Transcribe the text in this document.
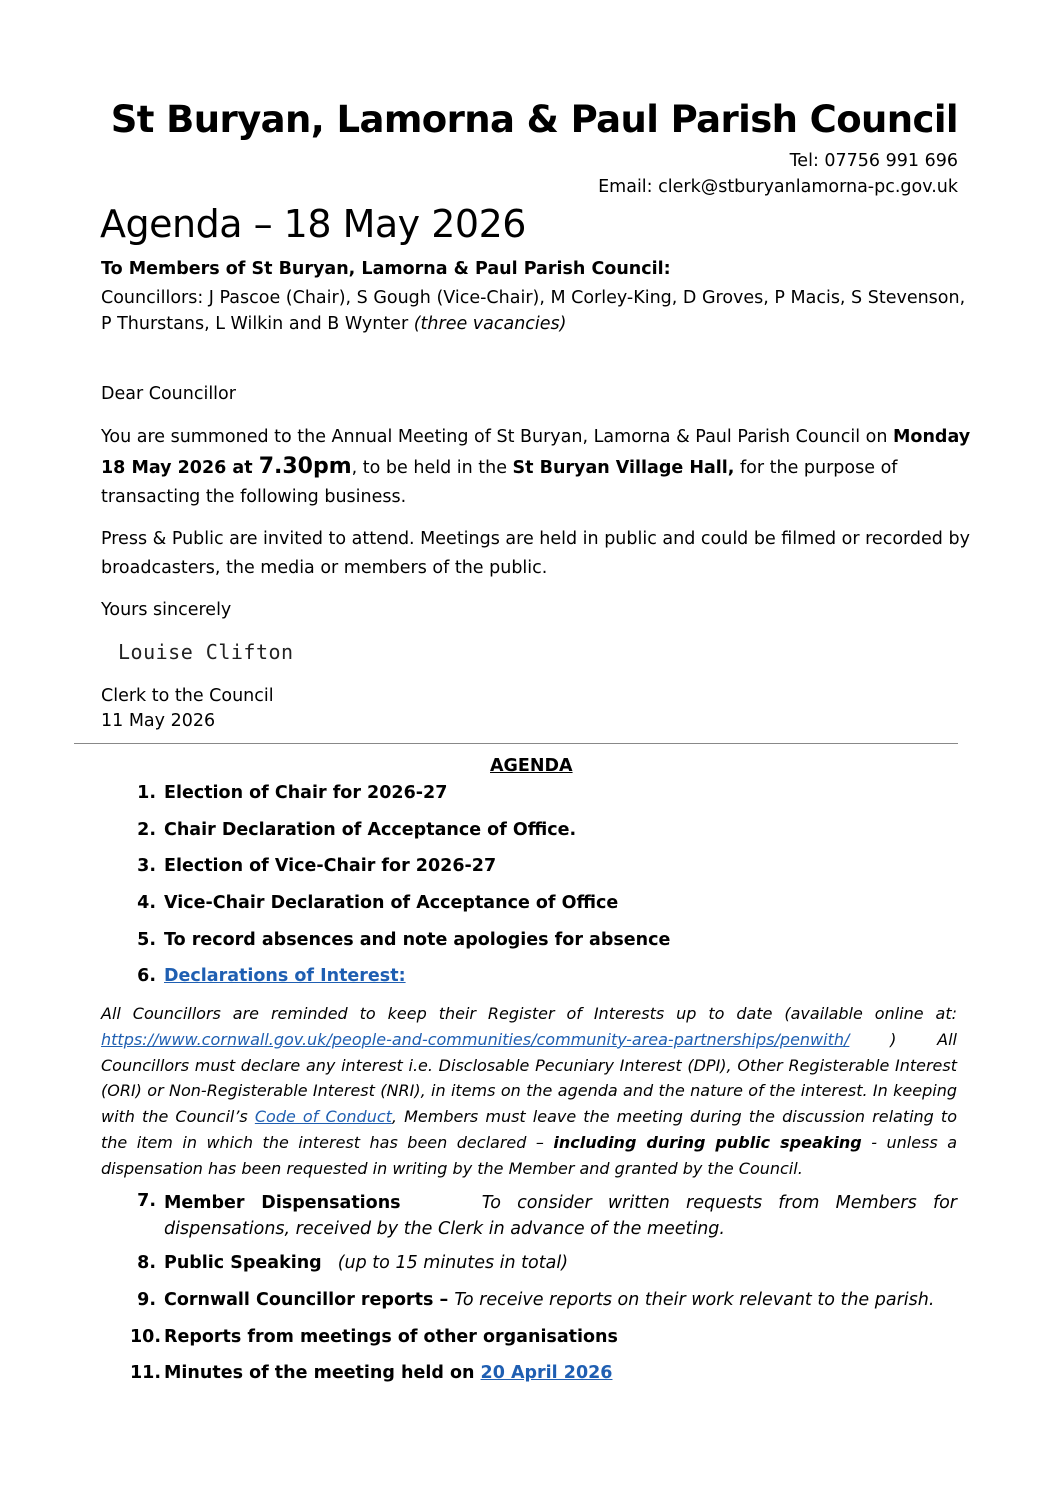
St Buryan, Lamorna & Paul Parish Council
Tel: 07756 991 696
Email: clerk@stburyanlamorna-pc.gov.uk
Agenda – 18 May 2026
To Members of St Buryan, Lamorna & Paul Parish Council:
Councillors: J Pascoe (Chair), S Gough (Vice-Chair), M Corley-King, D Groves, P Macis, S Stevenson, P Thurstans, L Wilkin and B Wynter (three vacancies)
Dear Councillor
You are summoned to the Annual Meeting of St Buryan, Lamorna & Paul Parish Council on Monday 18 May 2026 at 7.30pm, to be held in the St Buryan Village Hall, for the purpose of transacting the following business.
Press & Public are invited to attend. Meetings are held in public and could be filmed or recorded by broadcasters, the media or members of the public.
Yours sincerely
Louise Clifton
Clerk to the Council
11 May 2026
AGENDA
1. Election of Chair for 2026-27
2. Chair Declaration of Acceptance of Office.
3. Election of Vice-Chair for 2026-27
4. Vice-Chair Declaration of Acceptance of Office
5. To record absences and note apologies for absence
6. Declarations of Interest:
All Councillors are reminded to keep their Register of Interests up to date (available online at: https://www.cornwall.gov.uk/people-and-communities/community-area-partnerships/penwith/ ) All Councillors must declare any interest i.e. Disclosable Pecuniary Interest (DPI), Other Registerable Interest (ORI) or Non-Registerable Interest (NRI), in items on the agenda and the nature of the interest. In keeping with the Council’s Code of Conduct, Members must leave the meeting during the discussion relating to the item in which the interest has been declared – including during public speaking - unless a dispensation has been requested in writing by the Member and granted by the Council.
7. Member Dispensations	To consider written requests from Members for dispensations, received by the Clerk in advance of the meeting.
8. Public Speaking (up to 15 minutes in total)
9. Cornwall Councillor reports – To receive reports on their work relevant to the parish.
10. Reports from meetings of other organisations
11. Minutes of the meeting held on 20 April 2026
